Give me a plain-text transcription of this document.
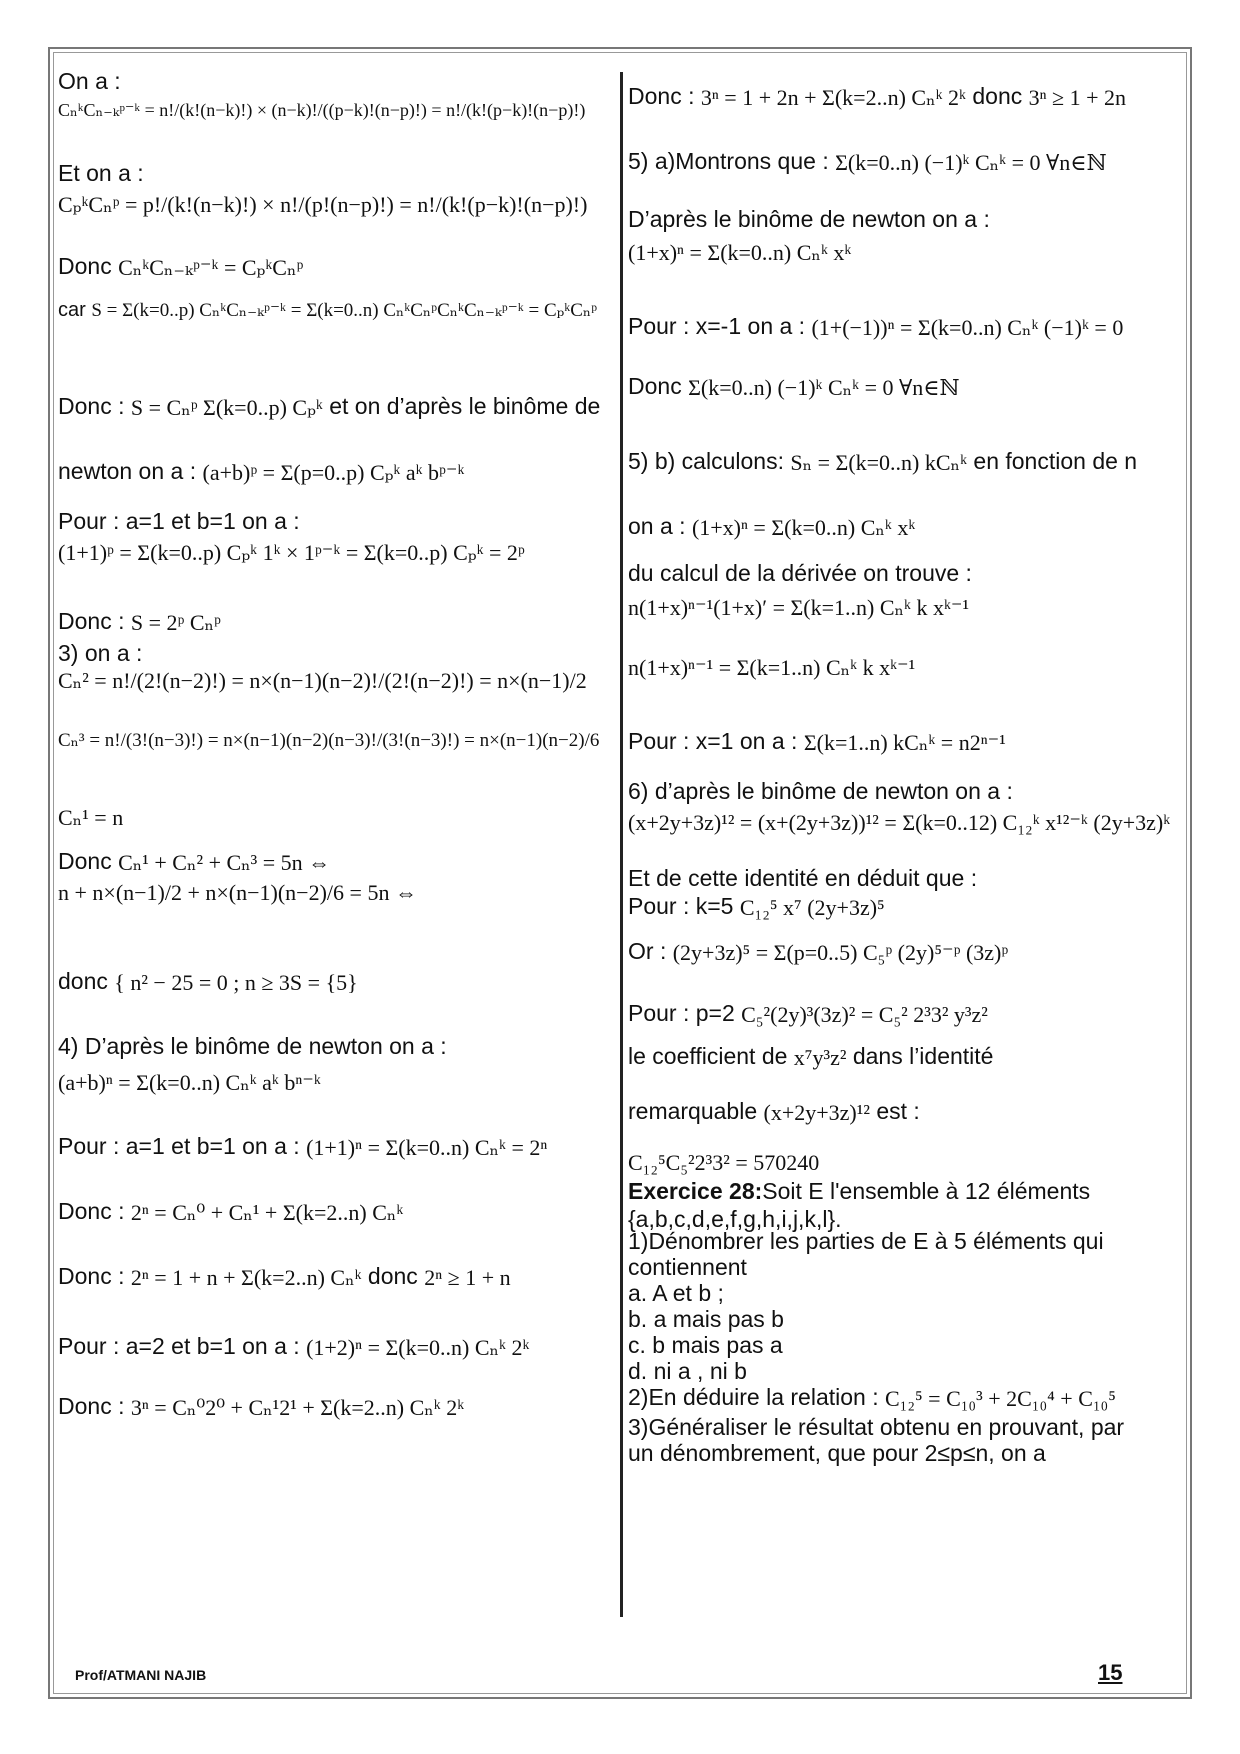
On a :
CₙᵏCₙ₋ₖᵖ⁻ᵏ = n!/(k!(n−k)!) × (n−k)!/((p−k)!(n−p)!) = n!/(k!(p−k)!(n−p)!)
Et on a :
CₚᵏCₙᵖ = p!/(k!(n−k)!) × n!/(p!(n−p)!) = n!/(k!(p−k)!(n−p)!)
Donc CₙᵏCₙ₋ₖᵖ⁻ᵏ = CₚᵏCₙᵖ
car S = Σ(k=0..p) CₙᵏCₙ₋ₖᵖ⁻ᵏ = Σ(k=0..n) CₙᵏCₙᵖCₙᵏCₙ₋ₖᵖ⁻ᵏ = CₚᵏCₙᵖ
Donc : S = Cₙᵖ Σ(k=0..p) Cₚᵏ et on d’après le binôme de
newton on a : (a+b)ᵖ = Σ(p=0..p) Cₚᵏ aᵏ bᵖ⁻ᵏ
Pour : a=1 et b=1 on a :
(1+1)ᵖ = Σ(k=0..p) Cₚᵏ 1ᵏ × 1ᵖ⁻ᵏ = Σ(k=0..p) Cₚᵏ = 2ᵖ
Donc : S = 2ᵖ Cₙᵖ
3) on a :
Cₙ² = n!/(2!(n−2)!) = n×(n−1)(n−2)!/(2!(n−2)!) = n×(n−1)/2
Cₙ³ = n!/(3!(n−3)!) = n×(n−1)(n−2)(n−3)!/(3!(n−3)!) = n×(n−1)(n−2)/6
Cₙ¹ = n
Donc Cₙ¹ + Cₙ² + Cₙ³ = 5n ⇔
n + n×(n−1)/2 + n×(n−1)(n−2)/6 = 5n ⇔
donc { n² − 25 = 0 ; n ≥ 3S = {5}
4) D’après le binôme de newton on a :
(a+b)ⁿ = Σ(k=0..n) Cₙᵏ aᵏ bⁿ⁻ᵏ
Pour : a=1 et b=1 on a : (1+1)ⁿ = Σ(k=0..n) Cₙᵏ = 2ⁿ
Donc : 2ⁿ = Cₙ⁰ + Cₙ¹ + Σ(k=2..n) Cₙᵏ
Donc : 2ⁿ = 1 + n + Σ(k=2..n) Cₙᵏ donc 2ⁿ ≥ 1 + n
Pour : a=2 et b=1 on a : (1+2)ⁿ = Σ(k=0..n) Cₙᵏ 2ᵏ
Donc : 3ⁿ = Cₙ⁰2⁰ + Cₙ¹2¹ + Σ(k=2..n) Cₙᵏ 2ᵏ
Donc : 3ⁿ = 1 + 2n + Σ(k=2..n) Cₙᵏ 2ᵏ donc 3ⁿ ≥ 1 + 2n
5) a)Montrons que : Σ(k=0..n) (−1)ᵏ Cₙᵏ = 0 ∀n∈ℕ
D’après le binôme de newton on a :
(1+x)ⁿ = Σ(k=0..n) Cₙᵏ xᵏ
Pour : x=-1 on a : (1+(−1))ⁿ = Σ(k=0..n) Cₙᵏ (−1)ᵏ = 0
Donc Σ(k=0..n) (−1)ᵏ Cₙᵏ = 0 ∀n∈ℕ
5) b) calculons: Sₙ = Σ(k=0..n) kCₙᵏ en fonction de n
on a : (1+x)ⁿ = Σ(k=0..n) Cₙᵏ xᵏ
du calcul de la dérivée on trouve :
n(1+x)ⁿ⁻¹(1+x)′ = Σ(k=1..n) Cₙᵏ k xᵏ⁻¹
n(1+x)ⁿ⁻¹ = Σ(k=1..n) Cₙᵏ k xᵏ⁻¹
Pour : x=1 on a : Σ(k=1..n) kCₙᵏ = n2ⁿ⁻¹
6) d’après le binôme de newton on a :
(x+2y+3z)¹² = (x+(2y+3z))¹² = Σ(k=0..12) C₁₂ᵏ x¹²⁻ᵏ (2y+3z)ᵏ
Et de cette identité en déduit que :
Pour : k=5 C₁₂⁵ x⁷ (2y+3z)⁵
Or : (2y+3z)⁵ = Σ(p=0..5) C₅ᵖ (2y)⁵⁻ᵖ (3z)ᵖ
Pour : p=2 C₅²(2y)³(3z)² = C₅² 2³3² y³z²
le coefficient de x⁷y³z² dans l’identité
remarquable (x+2y+3z)¹² est :
C₁₂⁵C₅²2³3² = 570240
Exercice 28:Soit E l'ensemble à 12 éléments
{a,b,c,d,e,f,g,h,i,j,k,l}.
1)Dénombrer les parties de E à 5 éléments qui
contiennent
a. A et b ;
b. a mais pas b
c. b mais pas a
d. ni a , ni b
2)En déduire la relation : C₁₂⁵ = C₁₀³ + 2C₁₀⁴ + C₁₀⁵
3)Généraliser le résultat obtenu en prouvant, par
un dénombrement, que pour 2≤p≤n, on a
Prof/ATMANI NAJIB	15
